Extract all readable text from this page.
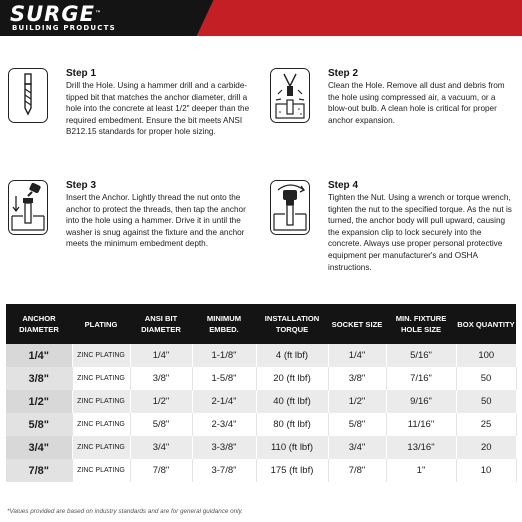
SURGE™
BUILDING PRODUCTS
Step 1
Drill the Hole. Using a hammer drill and a carbide-tipped bit that matches the anchor diameter, drill a hole into the concrete at least 1/2" deeper than the required embedment. Ensure the bit meets ANSI B212.15 standards for proper hole sizing.
Step 2
Clean the Hole. Remove all dust and debris from the hole using compressed air, a vacuum, or a blow-out bulb. A clean hole is critical for proper anchor expansion.
Step 3
Insert the Anchor. Lightly thread the nut onto the anchor to protect the threads, then tap the anchor into the hole using a hammer. Drive it in until the washer is snug against the fixture and the anchor meets the minimum embedment depth.
Step 4
Tighten the Nut. Using a wrench or torque wrench, tighten the nut to the specified torque. As the nut is turned, the anchor body will pull upward, causing the expansion clip to lock securely into the concrete. Always use proper personal protective equipment per manufacturer's and OSHA instructions.
ANCHOR DIAMETER	PLATING	ANSI BIT DIAMETER	MINIMUM EMBED.	INSTALLATION TORQUE	SOCKET SIZE	MIN. FIXTURE HOLE SIZE	BOX QUANTITY
1/4"	ZINC PLATING	1/4"	1-1/8"	4 (ft lbf)	1/4"	5/16"	100
3/8"	ZINC PLATING	3/8"	1-5/8"	20 (ft lbf)	3/8"	7/16"	50
1/2"	ZINC PLATING	1/2"	2-1/4"	40 (ft lbf)	1/2"	9/16"	50
5/8"	ZINC PLATING	5/8"	2-3/4"	80 (ft lbf)	5/8"	11/16"	25
3/4"	ZINC PLATING	3/4"	3-3/8"	110 (ft lbf)	3/4"	13/16"	20
7/8"	ZINC PLATING	7/8"	3-7/8"	175 (ft lbf)	7/8"	1"	10
*Values provided are based on industry standards and are for general guidance only.
